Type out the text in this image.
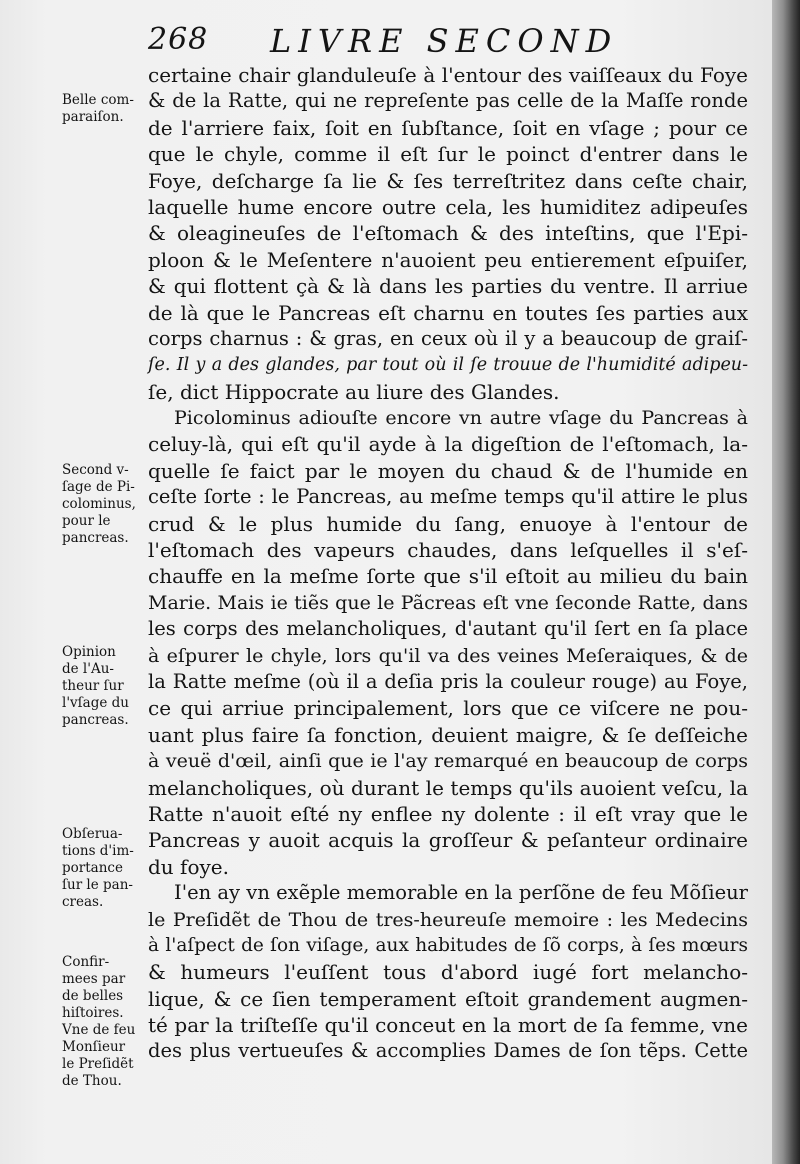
268 LIVRE SECOND
certaine chair glanduleuſe à l'entour des vaiſſeaux du Foye
& de la Ratte, qui ne repreſente pas celle de la Maſſe ronde
de l'arriere faix, ſoit en ſubſtance, ſoit en vſage ; pour ce
que le chyle, comme il eſt ſur le poinct d'entrer dans le
Foye, deſcharge ſa lie & ſes terreſtritez dans ceſte chair,
laquelle hume encore outre cela, les humiditez adipeuſes
& oleagineuſes de l'eſtomach & des inteſtins, que l'Epi-
ploon & le Meſentere n'auoient peu entierement eſpuiſer,
& qui flottent çà & là dans les parties du ventre. Il arriue
de là que le Pancreas eſt charnu en toutes ſes parties aux
corps charnus : & gras, en ceux où il y a beaucoup de graiſ-
ſe. Il y a des glandes, par tout où il ſe trouue de l'humidité adipeu-
ſe, dict Hippocrate au liure des Glandes.
Picolominus adiouſte encore vn autre vſage du Pancreas à
celuy-là, qui eſt qu'il ayde à la digeſtion de l'eſtomach, la-
quelle ſe faict par le moyen du chaud & de l'humide en
ceſte ſorte : le Pancreas, au meſme temps qu'il attire le plus
crud & le plus humide du ſang, enuoye à l'entour de
l'eſtomach des vapeurs chaudes, dans leſquelles il s'eſ-
chauffe en la meſme ſorte que s'il eſtoit au milieu du bain
Marie. Mais ie tiẽs que le Pãcreas eſt vne ſeconde Ratte, dans
les corps des melancholiques, d'autant qu'il ſert en ſa place
à eſpurer le chyle, lors qu'il va des veines Meſeraiques, & de
la Ratte meſme (où il a deſia pris la couleur rouge) au Foye,
ce qui arriue principalement, lors que ce viſcere ne pou-
uant plus faire ſa fonction, deuient maigre, & ſe deſſeiche
à veuë d'œil, ainſi que ie l'ay remarqué en beaucoup de corps
melancholiques, où durant le temps qu'ils auoient veſcu, la
Ratte n'auoit eſté ny enflee ny dolente : il eſt vray que le
Pancreas y auoit acquis la groſſeur & peſanteur ordinaire
du foye.
I'en ay vn exẽple memorable en la perſõne de feu Mõſieur
le Preſidẽt de Thou de tres-heureuſe memoire : les Medecins
à l'aſpect de ſon viſage, aux habitudes de ſõ corps, à ſes mœurs
& humeurs l'euſſent tous d'abord iugé fort melancho-
lique, & ce ſien temperament eſtoit grandement augmen-
té par la triſteſſe qu'il conceut en la mort de ſa femme, vne
des plus vertueuſes & accomplies Dames de ſon tẽps. Cette
Belle com-
paraiſon.
Second v-
ſage de Pi-
colominus,
pour le
pancreas.
Opinion
de l'Au-
theur ſur
l'vſage du
pancreas.
Obſerua-
tions d'im-
portance
ſur le pan-
creas.
Confir-
mees par
de belles
hiſtoires.
Vne de feu
Monſieur
le Preſidẽt
de Thou.
